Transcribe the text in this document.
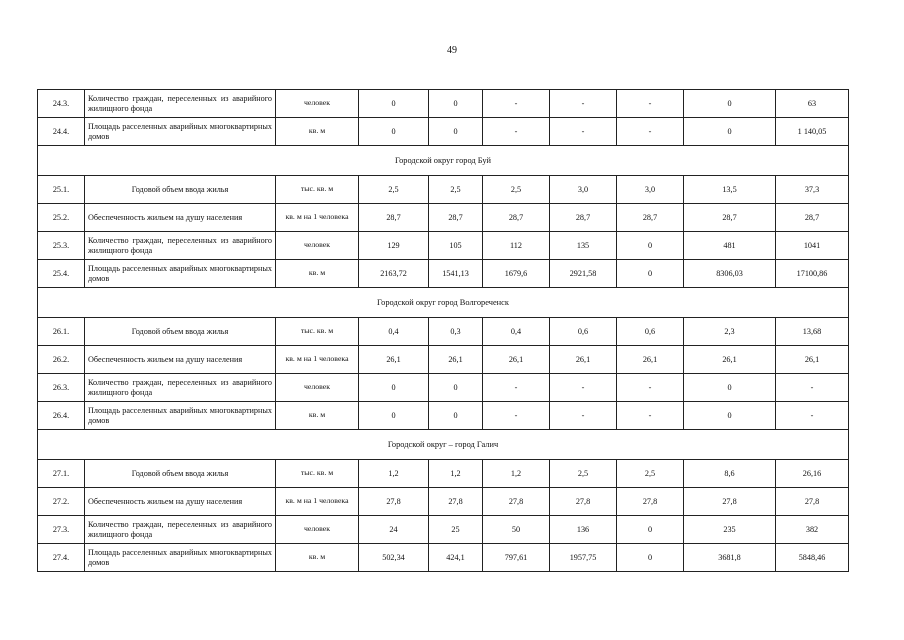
49
24.3.	Количество граждан, переселенных из аварийного жилищного фонда	человек	0	0	-	-	-	0	63
24.4.	Площадь расселенных аварийных многоквартирных домов	кв. м	0	0	-	-	-	0	1 140,05
Городской округ город Буй									
25.1.	Годовой объем ввода жилья	тыс. кв. м	2,5	2,5	2,5	3,0	3,0	13,5	37,3
25.2.	Обеспеченность жильем на душу населения	кв. м на 1 человека	28,7	28,7	28,7	28,7	28,7	28,7	28,7
25.3.	Количество граждан, переселенных из аварийного жилищного фонда	человек	129	105	112	135	0	481	1041
25.4.	Площадь расселенных аварийных многоквартирных домов	кв. м	2163,72	1541,13	1679,6	2921,58	0	8306,03	17100,86
Городской округ город Волгореченск									
26.1.	Годовой объем ввода жилья	тыс. кв. м	0,4	0,3	0,4	0,6	0,6	2,3	13,68
26.2.	Обеспеченность жильем на душу населения	кв. м на 1 человека	26,1	26,1	26,1	26,1	26,1	26,1	26,1
26.3.	Количество граждан, переселенных из аварийного жилищного фонда	человек	0	0	-	-	-	0	-
26.4.	Площадь расселенных аварийных многоквартирных домов	кв. м	0	0	-	-	-	0	-
Городской округ – город Галич									
27.1.	Годовой объем ввода жилья	тыс. кв. м	1,2	1,2	1,2	2,5	2,5	8,6	26,16
27.2.	Обеспеченность жильем на душу населения	кв. м на 1 человека	27,8	27,8	27,8	27,8	27,8	27,8	27,8
27.3.	Количество граждан, переселенных из аварийного жилищного фонда	человек	24	25	50	136	0	235	382
27.4.	Площадь расселенных аварийных многоквартирных домов	кв. м	502,34	424,1	797,61	1957,75	0	3681,8	5848,46
